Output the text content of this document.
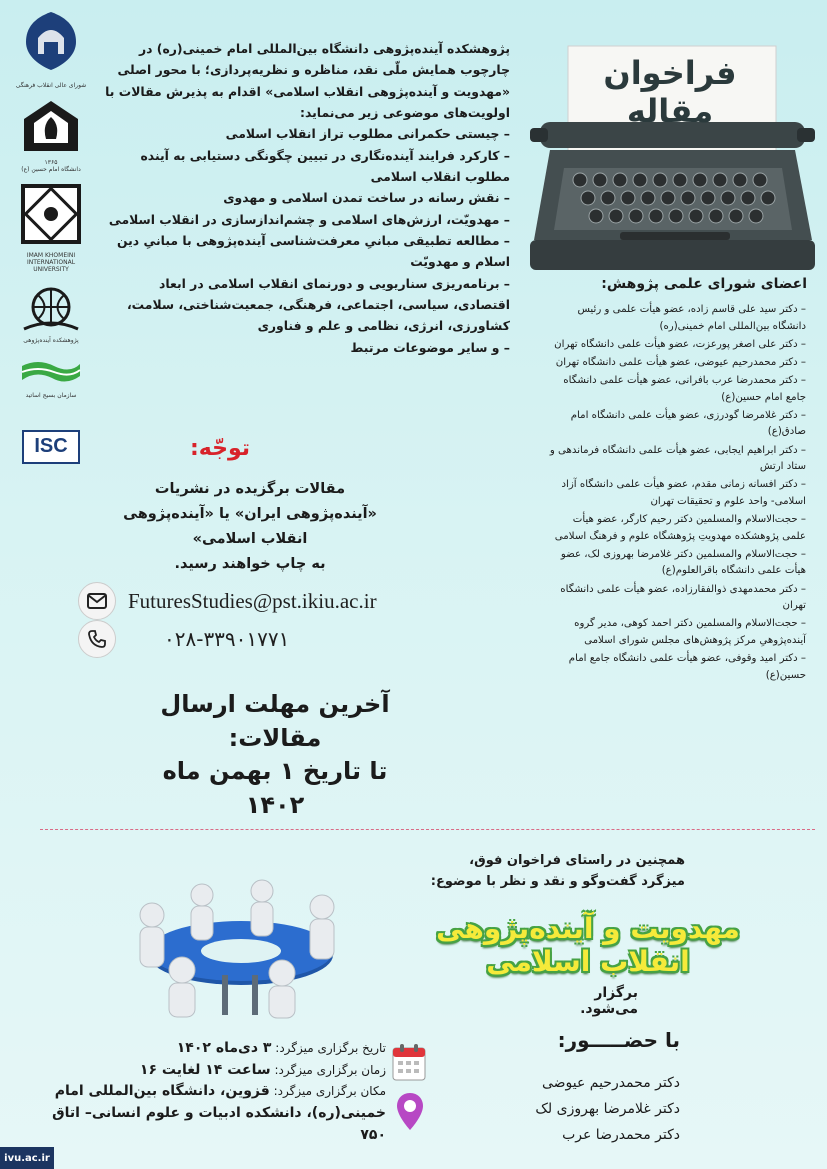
شورای عالی انقلاب فرهنگی
۱۳۶۵
دانشگاه امام حسین (ع)
IMAM KHOMEINI INTERNATIONAL UNIVERSITY
پژوهشکده آینده‌پژوهی
سازمان بسیج اساتید
ISC

پژوهشکده آینده‌پژوهی دانشگاه بین‌المللی امام خمینی(ره) در چارچوب همایش ملّی نقد، مناظره و نظریه‌پردازی؛ با محور اصلی «مهدویت و آینده‌پژوهی انقلاب اسلامی» اقدام به پذیرش مقالات با اولویت‌های موضوعی زیر می‌نماید:

– چیستی حکمرانی مطلوب تراز انقلاب اسلامی

– کارکرد فرایند آینده‌نگاری در تبیین چگونگی دستیابی به آینده مطلوب انقلاب اسلامی

– نقش رسانه در ساخت تمدن اسلامی و مهدوی

– مهدویّت، ارزش‌های اسلامی و چشم‌اندازسازی در انقلاب اسلامی

– مطالعه تطبیقی مبانیِ معرفت‌شناسی آینده‌پژوهی با مبانیِ دین اسلام و مهدویّت

– برنامه‌ریزی سناریویی و دورنمای انقلاب اسلامی در ابعاد اقتصادی، سیاسی، اجتماعی، فرهنگی، جمعیت‌شناختی، سلامت، کشاورزی، انرژی، نظامی و علم و فناوری

– و سایر موضوعات مرتبط

فراخوان مقاله
اعضای شورای علمی پژوهش:
– دکتر سید علی قاسم زاده، عضو هیأت علمی و رئیس دانشگاه بین‌المللی امام خمینی(ره)
– دکتر علی اصغر پورعزت، عضو هیأت علمی دانشگاه تهران
– دکتر محمدرحیم عیوضی، عضو هیأت علمی دانشگاه تهران
– دکتر محمدرضا عرب بافرانی، عضو هیأت علمی دانشگاه جامع امام حسین(ع)
– دکتر غلامرضا گودرزی، عضو هیأت علمی دانشگاه امام صادق(ع)
– دکتر ابراهیم ایجابی، عضو هیأت علمی دانشگاه فرماندهی و ستاد ارتش
– دکتر افسانه زمانی مقدم، عضو هیأت علمی دانشگاه آزاد اسلامی- واحد علوم و تحقیقات تهران
– حجت‌الاسلام والمسلمین دکتر رحیم کارگر، عضو هیأت علمی پژوهشکده مهدویتِ پژوهشگاه علوم و فرهنگ اسلامی
– حجت‌الاسلام والمسلمین دکتر غلامرضا بهروزی لک، عضو هیأت علمی دانشگاه باقرالعلوم(ع)
– دکتر محمدمهدی ذوالفقارزاده، عضو هیأت علمی دانشگاه تهران
– حجت‌الاسلام والمسلمین دکتر احمد کوهی، مدیر گروه آینده‌پژوهیِ مرکز پژوهش‌های مجلس شورای اسلامی
– دکتر امید وقوفی، عضو هیأت علمی دانشگاه جامع امام حسین(ع)
توجّه:
مقالات برگزیده در نشریات
«آینده‌پژوهی ایران» یا «آینده‌پژوهی انقلاب اسلامی»
به چاپ خواهند رسید.
FuturesStudies@pst.ikiu.ac.ir
۰۲۸-۳۳۹۰۱۷۷۱
آخرین مهلت ارسال مقالات:
تا تاریخ ۱ بهمن ماه ۱۴۰۲
همچنین در راستای فراخوان فوق،
میزگرد گفت‌وگو و نقد و نظر با موضوع:
مهدویت و آینده‌پژوهی انقلاب اسلامی
برگزار می‌شود.
با حضـــــور:
دکتر محمدرحیم عیوضی
دکتر غلامرضا بهروزی لک
دکتر محمدرضا عرب
تاریخ برگزاری میزگرد: ۳ دی‌ماه ۱۴۰۲
زمان برگزاری میزگرد: ساعت ۱۴ لغایت ۱۶
مکان برگزاری میزگرد: قزوین، دانشگاه بین‌المللی امام خمینی(ره)، دانشکده ادبیات و علوم انسانی– اتاق ۷۵۰
ivu.ac.ir
